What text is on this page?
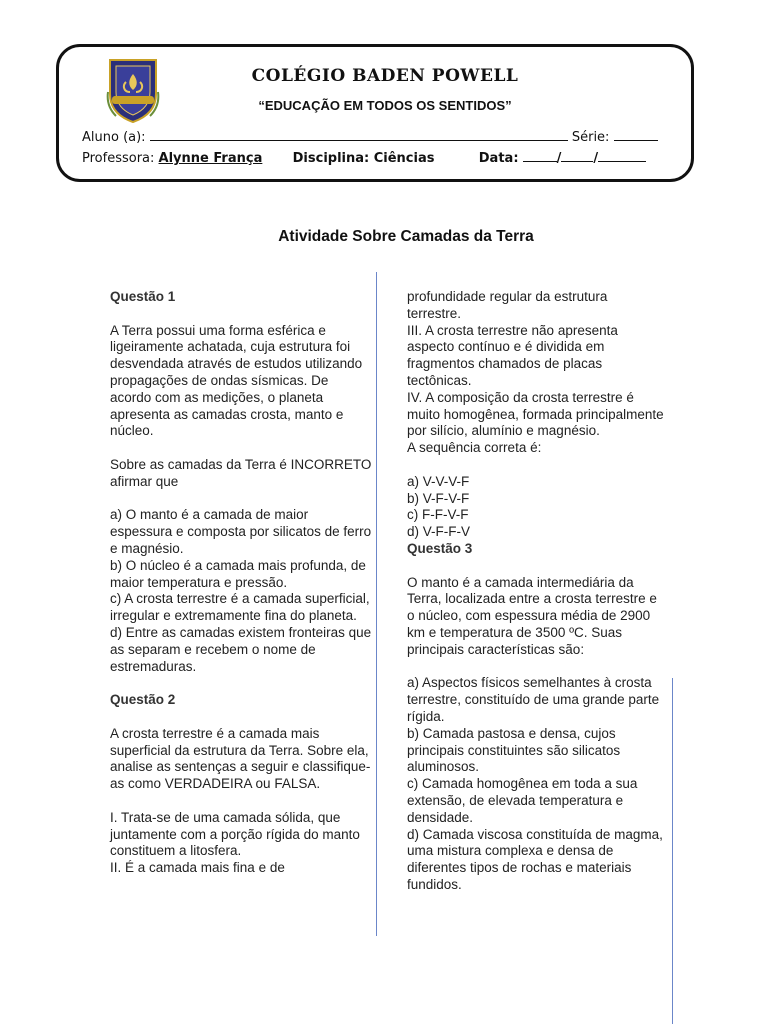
COLÉGIO BADEN POWELL
“EDUCAÇÃO EM TODOS OS SENTIDOS”
Aluno (a):	Série:
Professora: Alynne França Disciplina: Ciências	Data:	/ /
Atividade Sobre Camadas da Terra

Questão 1

A Terra possui uma forma esférica e ligeiramente achatada, cuja estrutura foi desvendada através de estudos utilizando propagações de ondas sísmicas. De acordo com as medições, o planeta apresenta as camadas crosta, manto e núcleo.

Sobre as camadas da Terra é INCORRETO afirmar que

a) O manto é a camada de maior espessura e composta por silicatos de ferro e magnésio.

b) O núcleo é a camada mais profunda, de maior temperatura e pressão.

c) A crosta terrestre é a camada superficial, irregular e extremamente fina do planeta.

d) Entre as camadas existem fronteiras que as separam e recebem o nome de estremaduras.

Questão 2

A crosta terrestre é a camada mais superficial da estrutura da Terra. Sobre ela, analise as sentenças a seguir e classifique-as como VERDADEIRA ou FALSA.

I. Trata-se de uma camada sólida, que juntamente com a porção rígida do manto constituem a litosfera.

II. É a camada mais fina e de

profundidade regular da estrutura terrestre.

III. A crosta terrestre não apresenta aspecto contínuo e é dividida em fragmentos chamados de placas tectônicas.

IV. A composição da crosta terrestre é muito homogênea, formada principalmente por silício, alumínio e magnésio.

A sequência correta é:

a) V-V-V-F

b) V-F-V-F

c) F-F-V-F

d) V-F-F-V

Questão 3

O manto é a camada intermediária da Terra, localizada entre a crosta terrestre e o núcleo, com espessura média de 2900 km e temperatura de 3500 ºC. Suas principais características são:

a) Aspectos físicos semelhantes à crosta terrestre, constituído de uma grande parte rígida.

b) Camada pastosa e densa, cujos principais constituintes são silicatos aluminosos.

c) Camada homogênea em toda a sua extensão, de elevada temperatura e densidade.

d) Camada viscosa constituída de magma, uma mistura complexa e densa de diferentes tipos de rochas e materiais fundidos.
